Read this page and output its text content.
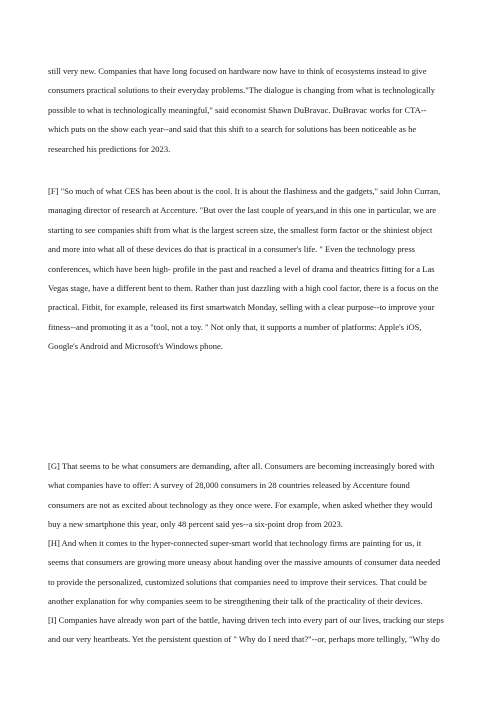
still very new. Companies that have long focused on hardware now have to think of ecosystems instead to give
consumers practical solutions to their everyday problems."The dialogue is changing from what is technologically
possible to what is technologically meaningful," said economist Shawn DuBravac. DuBravac works for CTA--
which puts on the show each year--and said that this shift to a search for solutions has been noticeable as he
researched his predictions for 2023.
[F] "So much of what CES has been about is the cool. It is about the flashiness and the gadgets," said John Curran,
managing director of research at Accenture. "But over the last couple of years,and in this one in particular, we are
starting to see companies shift from what is the largest screen size, the smallest form factor or the shiniest object
and more into what all of these devices do that is practical in a consumer's life. " Even the technology press
conferences, which have been high- profile in the past and reached a level of drama and theatrics fitting for a Las
Vegas stage, have a different bent to them. Rather than just dazzling with a high cool factor, there is a focus on the
practical. Fitbit, for example, released its first smartwatch Monday, selling with a clear purpose--to improve your
fitness--and promoting it as a "tool, not a toy. " Not only that, it supports a number of platforms: Apple's iOS,
Google's Android and Microsoft's Windows phone.
[G] That seems to be what consumers are demanding, after all. Consumers are becoming increasingly bored with
what companies have to offer: A survey of 28,000 consumers in 28 countries released by Accenture found
consumers are not as excited about technology as they once were. For example, when asked whether they would
buy a new smartphone this year, only 48 percent said yes--a six-point drop from 2023.
[H] And when it comes to the hyper-connected super-smart world that technology firms are painting for us, it
seems that consumers are growing more uneasy about handing over the massive amounts of consumer data needed
to provide the personalized, customized solutions that companies need to improve their services. That could be
another explanation for why companies seem to be strengthening their talk of the practicality of their devices.
[I] Companies have already won part of the battle, having driven tech into every part of our lives, tracking our steps
and our very heartbeats. Yet the persistent question of " Why do I need that?"--or, perhaps more tellingly, "Why do
